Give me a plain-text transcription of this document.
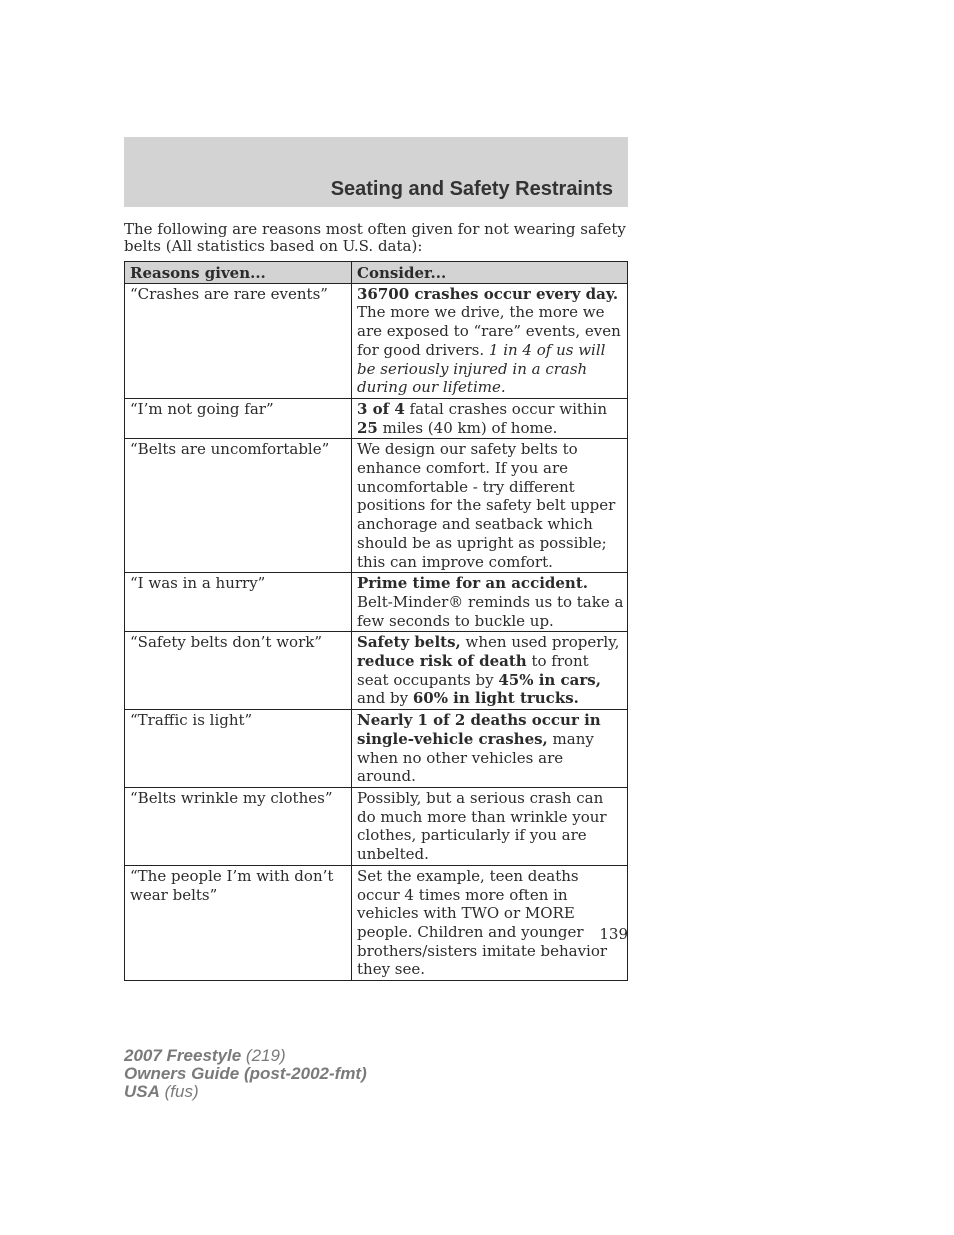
Seating and Safety Restraints
The following are reasons most often given for not wearing safety belts (All statistics based on U.S. data):
Reasons given...	Consider...
“Crashes are rare events”	36700 crashes occur every day. The more we drive, the more we are exposed to “rare” events, even for good drivers. 1 in 4 of us will be seriously injured in a crash during our lifetime.
“I’m not going far”	3 of 4 fatal crashes occur within 25 miles (40 km) of home.
“Belts are uncomfortable”	We design our safety belts to enhance comfort. If you are uncomfortable - try different positions for the safety belt upper anchorage and seatback which should be as upright as possible; this can improve comfort.
“I was in a hurry”	Prime time for an accident. Belt-Minder® reminds us to take a few seconds to buckle up.
“Safety belts don’t work”	Safety belts, when used properly, reduce risk of death to front seat occupants by 45% in cars, and by 60% in light trucks.
“Traffic is light”	Nearly 1 of 2 deaths occur in single-vehicle crashes, many when no other vehicles are around.
“Belts wrinkle my clothes”	Possibly, but a serious crash can do much more than wrinkle your clothes, particularly if you are unbelted.
“The people I’m with don’t wear belts”	Set the example, teen deaths occur 4 times more often in vehicles with TWO or MORE people. Children and younger brothers/sisters imitate behavior they see.
139
2007 Freestyle (219)
Owners Guide (post-2002-fmt)
USA (fus)
